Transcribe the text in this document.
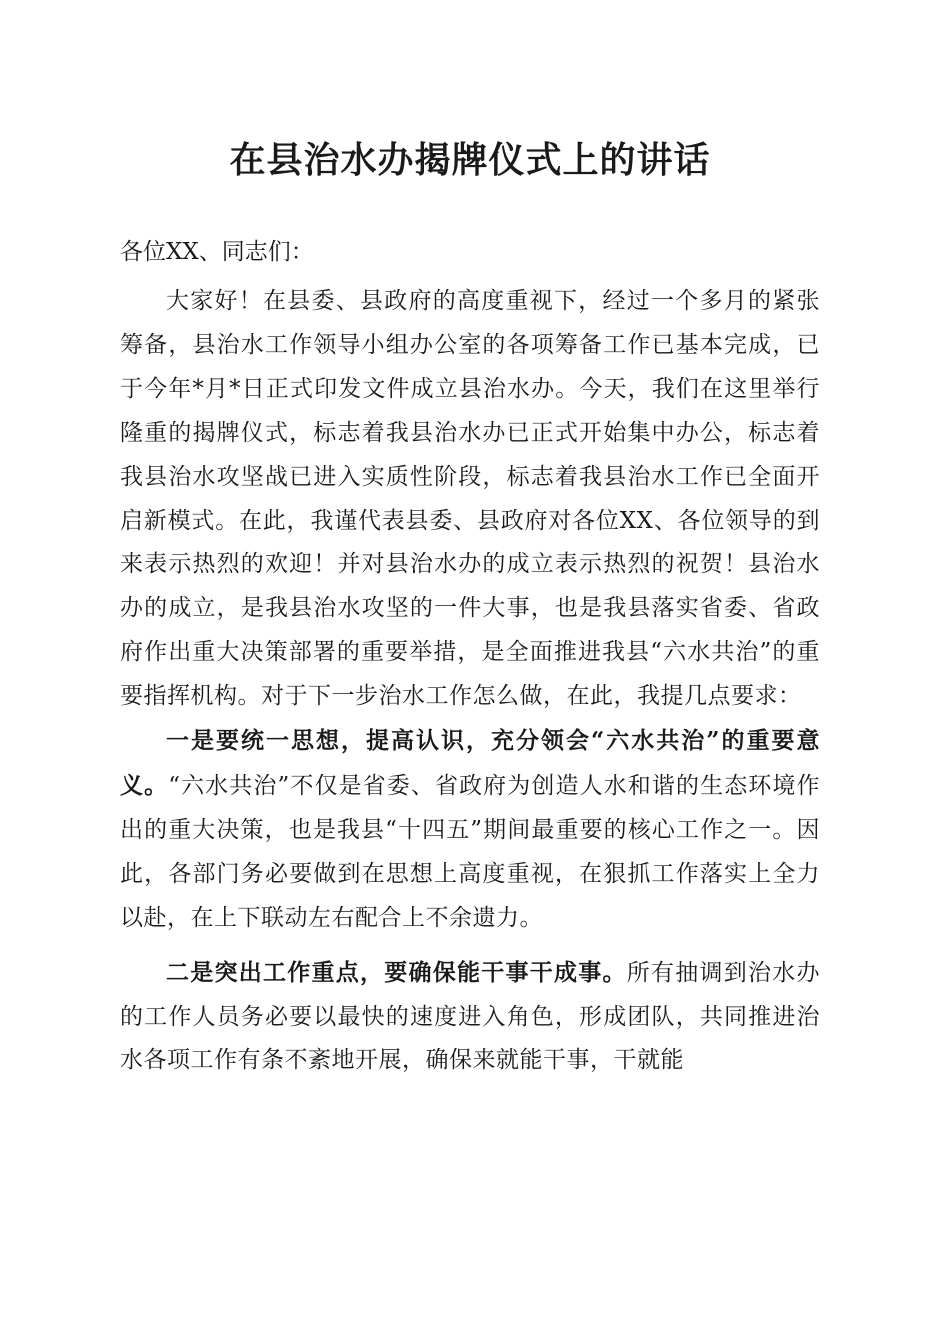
在县治水办揭牌仪式上的讲话

各位XX、同志们：

大家好！在县委、县政府的高度重视下，经过一个多月的紧张筹备，县治水工作领导小组办公室的各项筹备工作已基本完成，已于今年*月*日正式印发文件成立县治水办。今天，我们在这里举行隆重的揭牌仪式，标志着我县治水办已正式开始集中办公，标志着我县治水攻坚战已进入实质性阶段，标志着我县治水工作已全面开启新模式。在此，我谨代表县委、县政府对各位XX、各位领导的到来表示热烈的欢迎！并对县治水办的成立表示热烈的祝贺！县治水办的成立，是我县治水攻坚的一件大事，也是我县落实省委、省政府作出重大决策部署的重要举措，是全面推进我县“六水共治”的重要指挥机构。对于下一步治水工作怎么做，在此，我提几点要求：

一是要统一思想，提高认识，充分领会“六水共治”的重要意义。“六水共治”不仅是省委、省政府为创造人水和谐的生态环境作出的重大决策，也是我县“十四五”期间最重要的核心工作之一。因此，各部门务必要做到在思想上高度重视，在狠抓工作落实上全力以赴，在上下联动左右配合上不余遗力。

二是突出工作重点，要确保能干事干成事。所有抽调到治水办的工作人员务必要以最快的速度进入角色，形成团队，共同推进治水各项工作有条不紊地开展，确保来就能干事，干就能
